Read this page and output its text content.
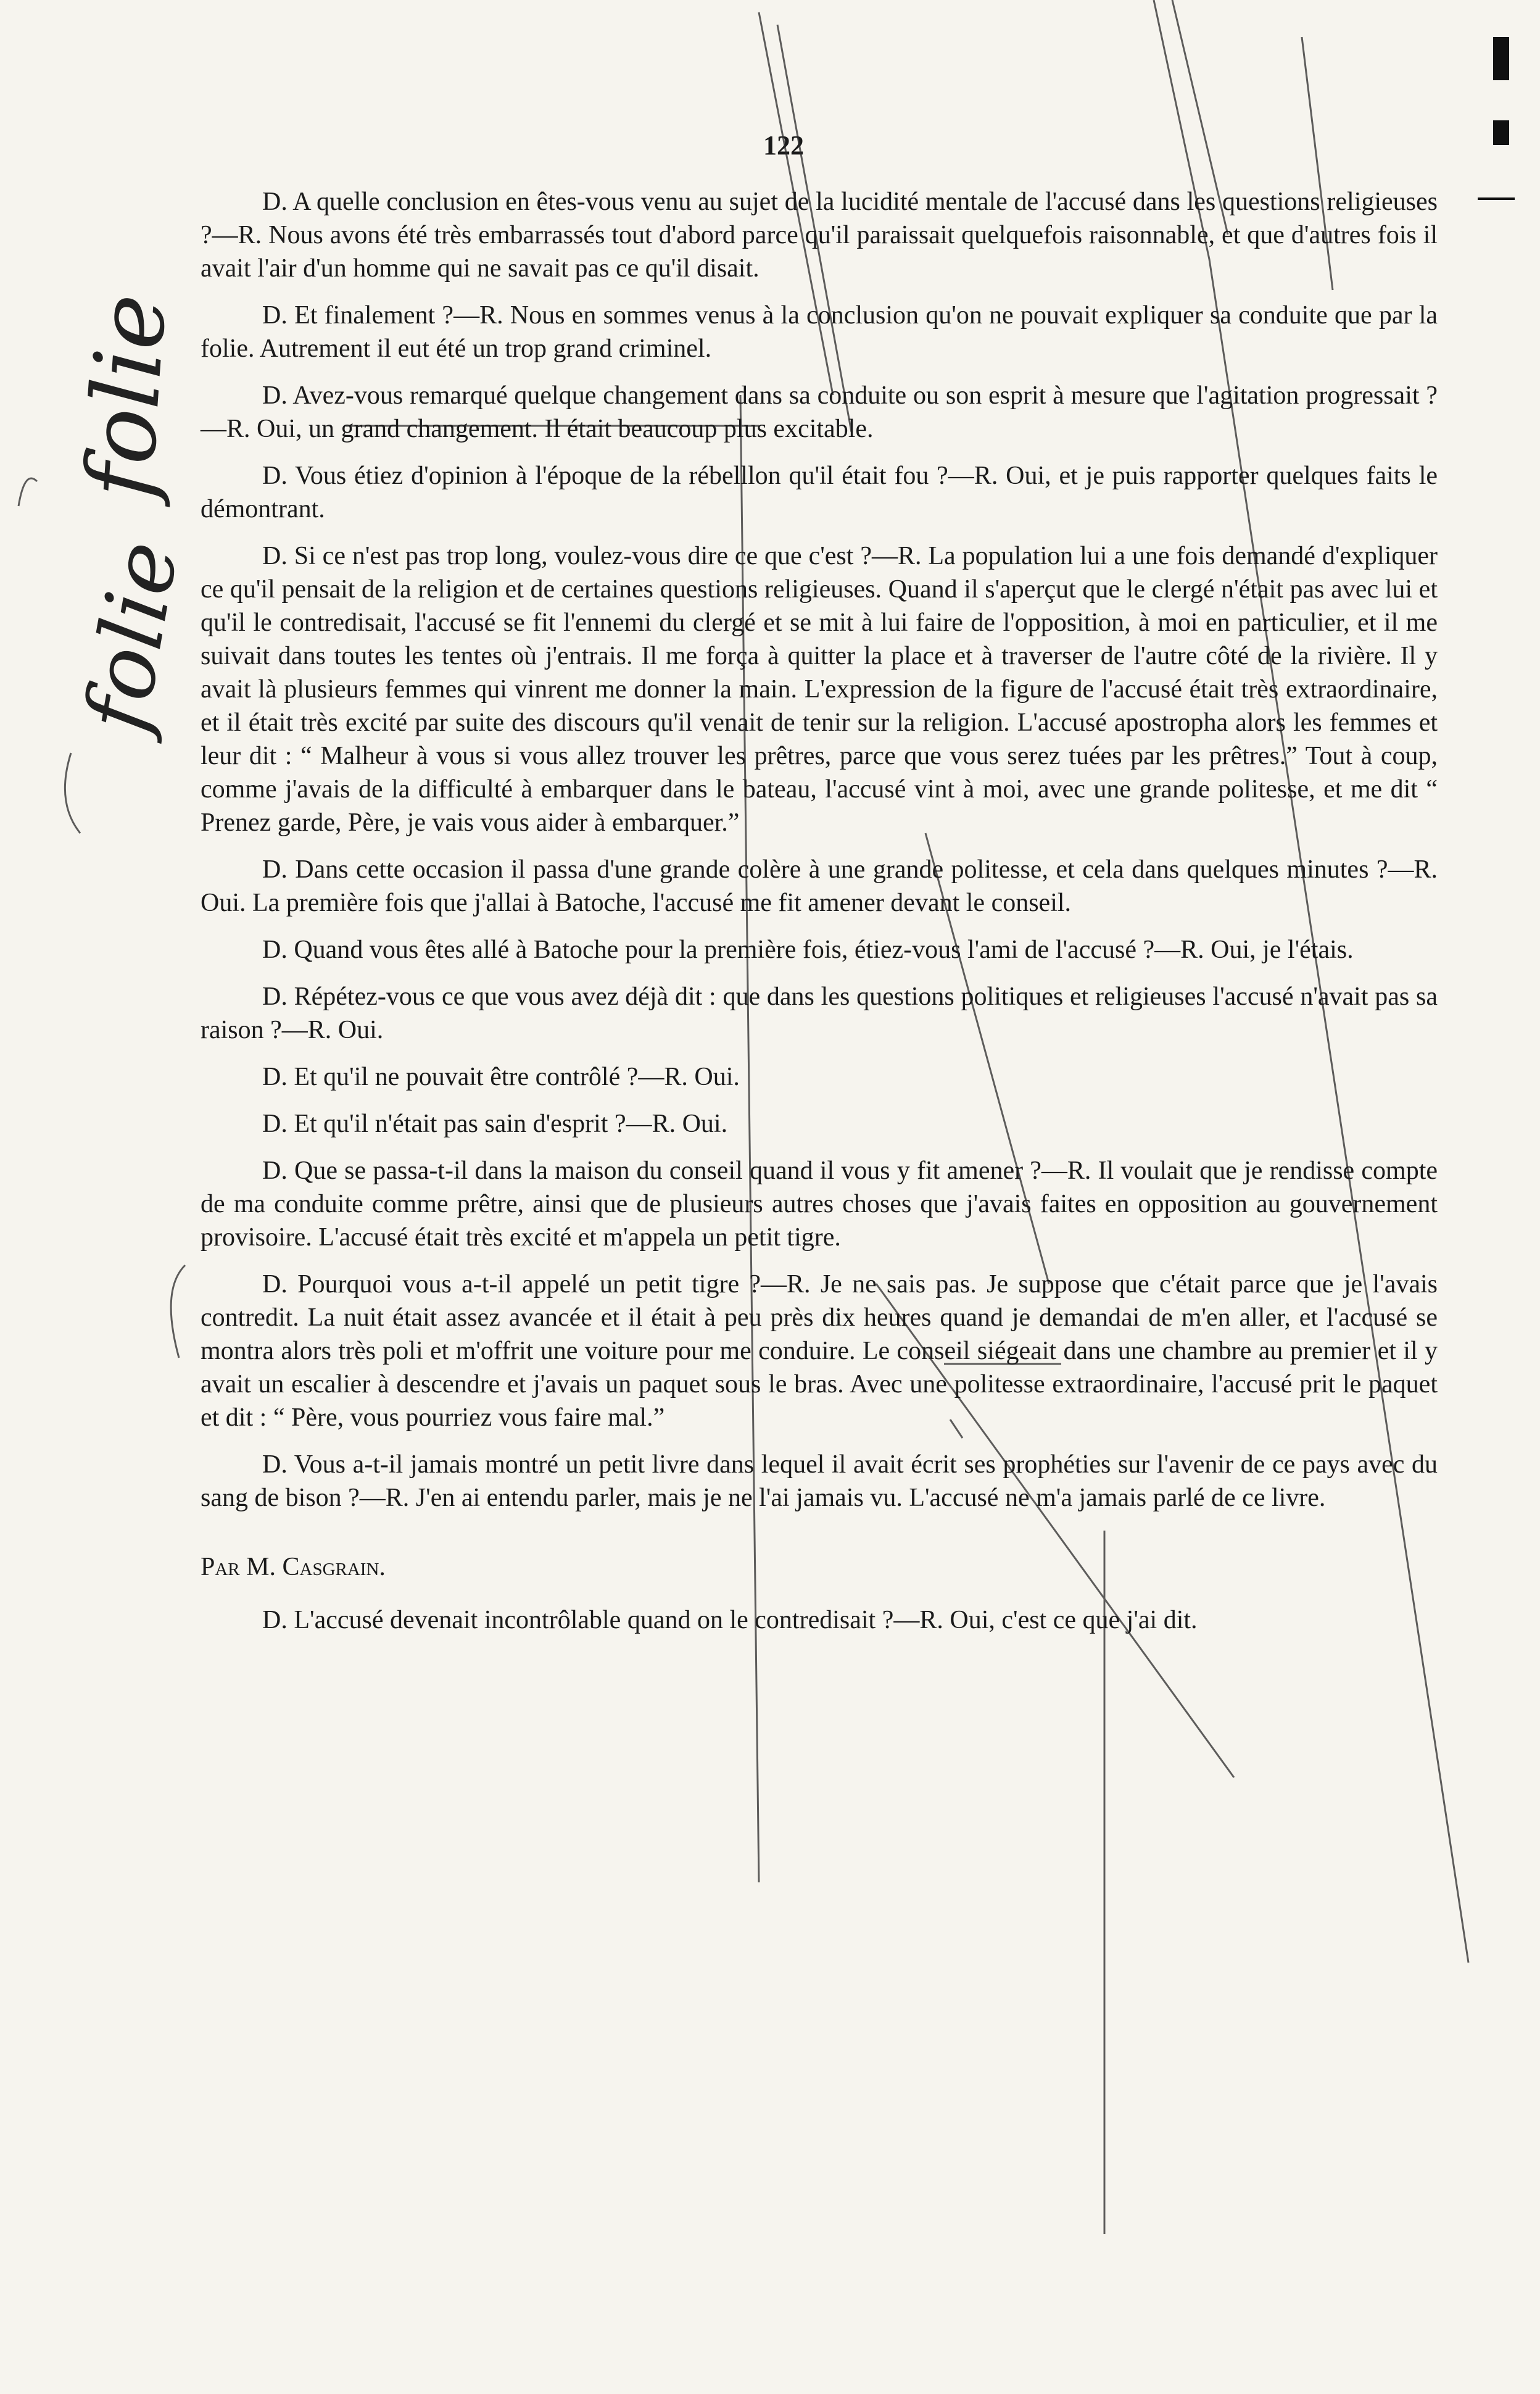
122
folie
folie

D. A quelle conclusion en êtes-vous venu au sujet de la lucidité mentale de l'accusé dans les questions religieuses ?—R. Nous avons été très embarrassés tout d'abord parce qu'il paraissait quelquefois raisonnable, et que d'autres fois il avait l'air d'un homme qui ne savait pas ce qu'il disait.

D. Et finalement ?—R. Nous en sommes venus à la conclusion qu'on ne pouvait expliquer sa conduite que par la folie. Autrement il eut été un trop grand criminel.

D. Avez-vous remarqué quelque changement dans sa conduite ou son esprit à mesure que l'agitation progressait ?—R. Oui, un grand changement. Il était beaucoup plus excitable.

D. Vous étiez d'opinion à l'époque de la rébelllon qu'il était fou ?—R. Oui, et je puis rapporter quelques faits le démontrant.

D. Si ce n'est pas trop long, voulez-vous dire ce que c'est ?—R. La population lui a une fois demandé d'expliquer ce qu'il pensait de la religion et de certaines questions religieuses. Quand il s'aperçut que le clergé n'était pas avec lui et qu'il le contredisait, l'accusé se fit l'ennemi du clergé et se mit à lui faire de l'opposition, à moi en particulier, et il me suivait dans toutes les tentes où j'entrais. Il me força à quitter la place et à traverser de l'autre côté de la rivière. Il y avait là plusieurs femmes qui vinrent me donner la main. L'expression de la figure de l'accusé était très extraordinaire, et il était très excité par suite des discours qu'il venait de tenir sur la religion. L'accusé apostropha alors les femmes et leur dit : “ Malheur à vous si vous allez trouver les prêtres, parce que vous serez tuées par les prêtres.” Tout à coup, comme j'avais de la difficulté à embarquer dans le bateau, l'accusé vint à moi, avec une grande politesse, et me dit “ Prenez garde, Père, je vais vous aider à embarquer.”

D. Dans cette occasion il passa d'une grande colère à une grande politesse, et cela dans quelques minutes ?—R. Oui. La première fois que j'allai à Batoche, l'accusé me fit amener devant le conseil.

D. Quand vous êtes allé à Batoche pour la première fois, étiez-vous l'ami de l'accusé ?—R. Oui, je l'étais.

D. Répétez-vous ce que vous avez déjà dit : que dans les questions politiques et religieuses l'accusé n'avait pas sa raison ?—R. Oui.

D. Et qu'il ne pouvait être contrôlé ?—R. Oui.

D. Et qu'il n'était pas sain d'esprit ?—R. Oui.

D. Que se passa-t-il dans la maison du conseil quand il vous y fit amener ?—R. Il voulait que je rendisse compte de ma conduite comme prêtre, ainsi que de plusieurs autres choses que j'avais faites en opposition au gouvernement provisoire. L'accusé était très excité et m'appela un petit tigre.

D. Pourquoi vous a-t-il appelé un petit tigre ?—R. Je ne sais pas. Je suppose que c'était parce que je l'avais contredit. La nuit était assez avancée et il était à peu près dix heures quand je demandai de m'en aller, et l'accusé se montra alors très poli et m'offrit une voiture pour me conduire. Le conseil siégeait dans une chambre au premier et il y avait un escalier à descendre et j'avais un paquet sous le bras. Avec une politesse extraordinaire, l'accusé prit le paquet et dit : “ Père, vous pourriez vous faire mal.”

D. Vous a-t-il jamais montré un petit livre dans lequel il avait écrit ses prophéties sur l'avenir de ce pays avec du sang de bison ?—R. J'en ai entendu parler, mais je ne l'ai jamais vu. L'accusé ne m'a jamais parlé de ce livre.

Par M. Casgrain.

D. L'accusé devenait incontrôlable quand on le contredisait ?—R. Oui, c'est ce que j'ai dit.
